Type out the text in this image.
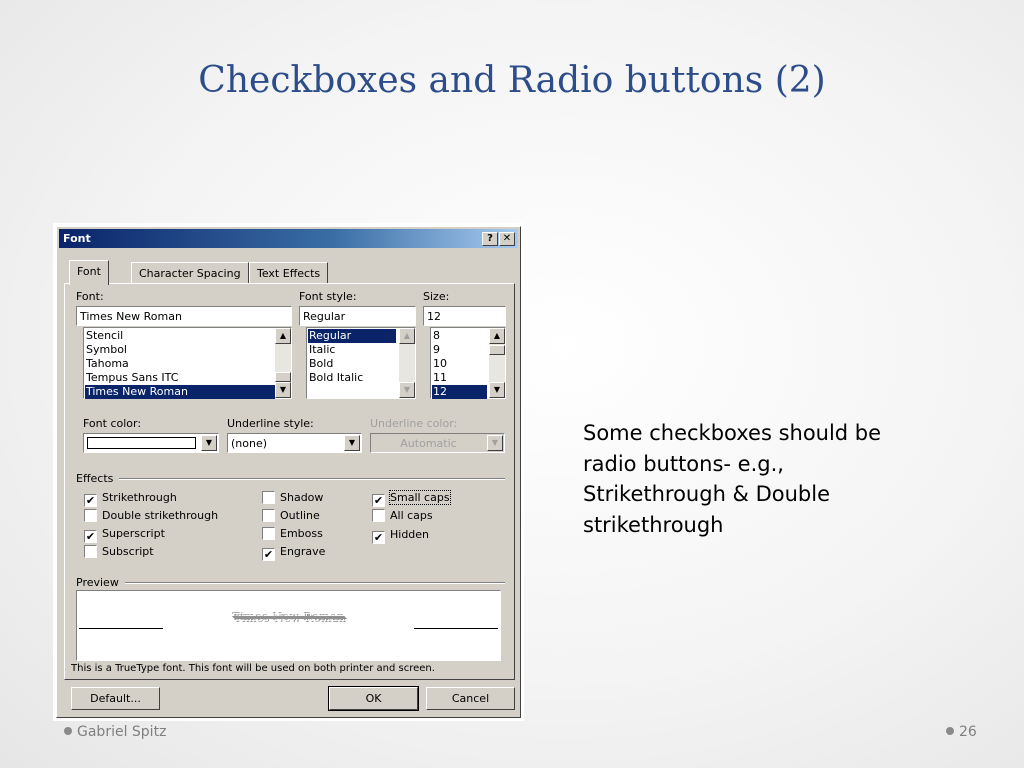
Checkboxes and Radio buttons (2)
Font	? ✕
Font	Character Spacing	Text Effects
Font:
Times New Roman
Stencil
Symbol
Tahoma
Tempus Sans ITC
Times New Roman
▲
▼
Font style:
Regular
Regular
Italic
Bold
Bold Italic
▲
▼
Size:
12
8
9
10
11
12
▲
▼
Font color:
▼
Underline style:
(none)	▼
Underline color:
Automatic	▼
Effects
✔ Strikethrough
Double strikethrough
✔ Superscript
Subscript
Shadow
Outline
Emboss
✔ Engrave
✔ Small caps
All caps
✔ Hidden
Preview
Times New Roman
This is a TrueType font. This font will be used on both printer and screen.
Default...	OK	Cancel
Some checkboxes should be radio buttons- e.g., Strikethrough & Double strikethrough
Gabriel Spitz	26
